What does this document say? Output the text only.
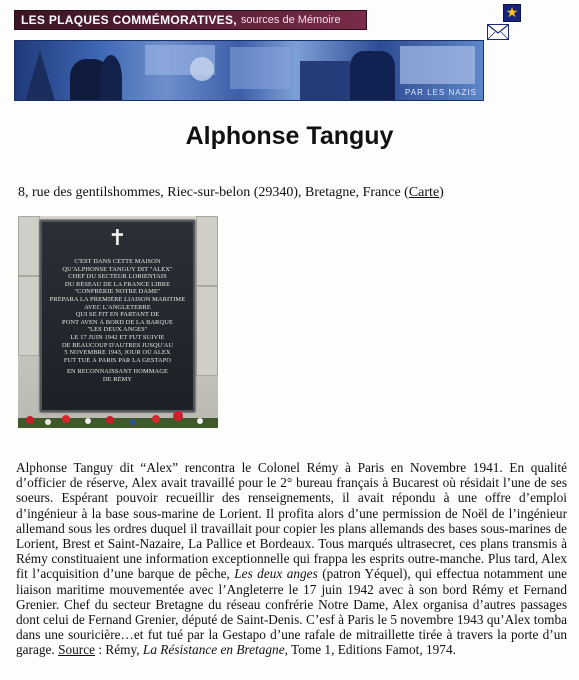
LES PLAQUES COMMÉMORATIVES, sources de Mémoire	★
PAR LES NAZIS
Alphonse Tanguy
8, rue des gentilshommes, Riec-sur-belon (29340), Bretagne, France (Carte)
✝
C'EST DANS CETTE MAISON
QU'ALPHONSE TANGUY DIT "ALEX"
CHEF DU SECTEUR LORIENTAIS
DU RÉSEAU DE LA FRANCE LIBRE
"CONFRÉRIE NOTRE DAME"
PRÉPARA LA PREMIÈRE LIAISON MARITIME
AVEC L'ANGLETERRE
QUI SE FIT EN PARTANT DE
PONT AVEN À BORD DE LA BARQUE
"LES DEUX ANGES"
LE 17 JUIN 1942 ET FUT SUIVIE
DE BEAUCOUP D'AUTRES JUSQU'AU
5 NOVEMBRE 1943, JOUR OÙ ALEX
FUT TUÉ À PARIS PAR LA GESTAPO
EN RECONNAISSANT HOMMAGE
DE RÉMY
Alphonse Tanguy dit “Alex” rencontra le Colonel Rémy à Paris en Novembre 1941. En qualité d’officier de réserve, Alex avait travaillé pour le 2° bureau français à Bucarest où résidait l’une de ses soeurs. Espérant pouvoir recueillir des renseignements, il avait répondu à une offre d’emploi d’ingénieur à la base sous-marine de Lorient. Il profita alors d’une permission de Noël de l’ingénieur allemand sous les ordres duquel il travaillait pour copier les plans allemands des bases sous-marines de Lorient, Brest et Saint-Nazaire, La Pallice et Bordeaux. Tous marqués ultrasecret, ces plans transmis à Rémy constituaient une information exceptionnelle qui frappa les esprits outre-manche. Plus tard, Alex fit l’acquisition d’une barque de pêche, Les deux anges (patron Yéquel), qui effectua notamment une liaison maritime mouvementée avec l’Angleterre le 17 juin 1942 avec à son bord Rémy et Fernand Grenier. Chef du secteur Bretagne du réseau confrérie Notre Dame, Alex organisa d’autres passages dont celui de Fernand Grenier, député de Saint-Denis. C’esf à Paris le 5 novembre 1943 qu’Alex tomba dans une souricière…et fut tué par la Gestapo d’une rafale de mitraillette tirée à travers la porte d’un garage. Source : Rémy, La Résistance en Bretagne, Tome 1, Editions Famot, 1974.
